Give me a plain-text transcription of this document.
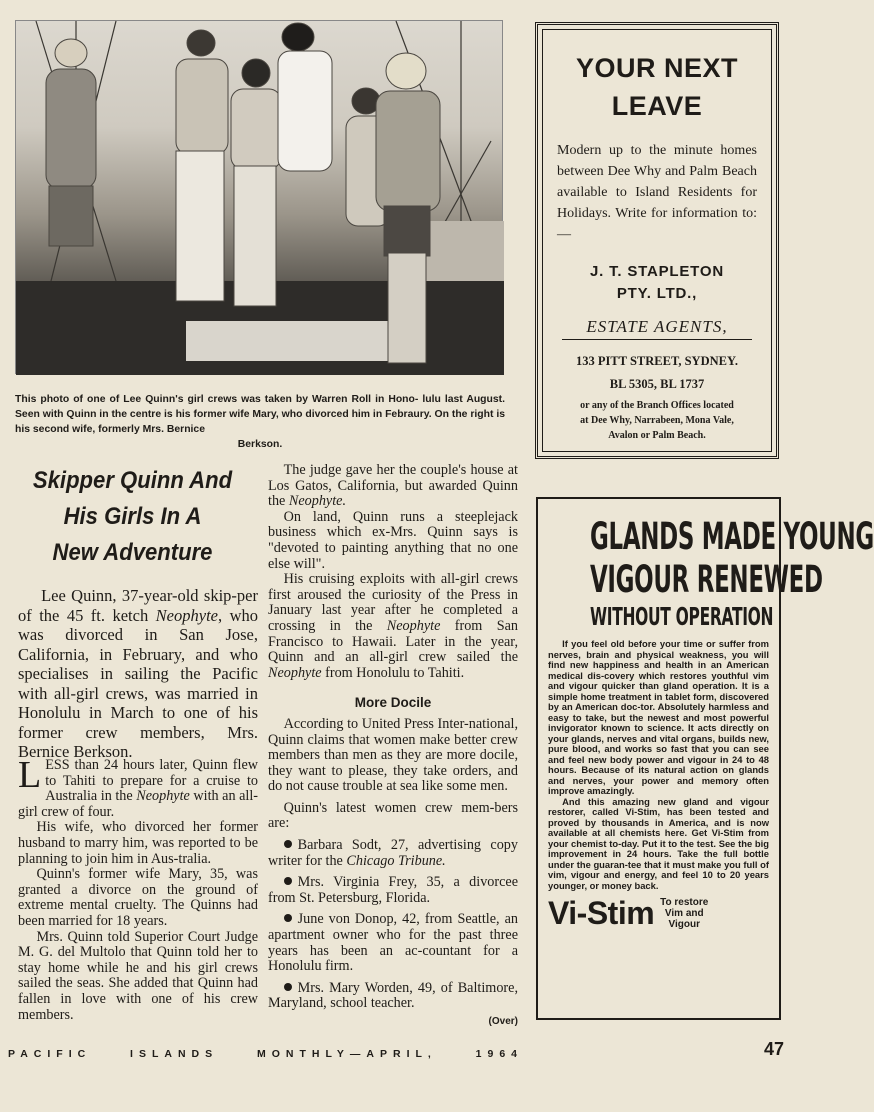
This photo of one of Lee Quinn's girl crews was taken by Warren Roll in Hono- lulu last August. Seen with Quinn in the centre is his former wife Mary, who divorced him in Febraury. On the right is his second wife, formerly Mrs. Bernice
Berkson.
Skipper Quinn And
His Girls In A
New Adventure

Lee Quinn, 37-year-old skip-per of the 45 ft. ketch Neophyte, who was divorced in San Jose, California, in February, and who specialises in sailing the Pacific with all-girl crews, was married in Honolulu in March to one of his former crew members, Mrs. Bernice Berkson.

LESS than 24 hours later, Quinn flew to Tahiti to prepare for a cruise to Australia in the Neophyte with an all-girl crew of four.

His wife, who divorced her former husband to marry him, was reported to be planning to join him in Aus-tralia.

Quinn's former wife Mary, 35, was granted a divorce on the ground of extreme mental cruelty. The Quinns had been married for 18 years.

Mrs. Quinn told Superior Court Judge M. G. del Multolo that Quinn told her to stay home while he and his girl crews sailed the seas. She added that Quinn had fallen in love with one of his crew members.

The judge gave her the couple's house at Los Gatos, California, but awarded Quinn the Neophyte.

On land, Quinn runs a steeplejack business which ex-Mrs. Quinn says is "devoted to painting anything that no one else will".

His cruising exploits with all-girl crews first aroused the curiosity of the Press in January last year after he completed a crossing in the Neophyte from San Francisco to Hawaii. Later in the year, Quinn and an all-girl crew sailed the Neophyte from Honolulu to Tahiti.

More Docile

According to United Press Inter-national, Quinn claims that women make better crew members than men as they are more docile, they want to please, they take orders, and do not cause trouble at sea like some men.

Quinn's latest women crew mem-bers are:

Barbara Sodt, 27, advertising copy writer for the Chicago Tribune.

Mrs. Virginia Frey, 35, a divorcee from St. Petersburg, Florida.

June von Donop, 42, from Seattle, an apartment owner who for the past three years has been an ac-countant for a Honolulu firm.

Mrs. Mary Worden, 49, of Baltimore, Maryland, school teacher.

(Over)
YOUR NEXT
LEAVE
Modern up to the minute homes between Dee Why and Palm Beach available to Island Residents for Holidays. Write for information to:—
J. T. STAPLETON
PTY. LTD.,
ESTATE AGENTS,
133 PITT STREET, SYDNEY.
BL 5305, BL 1737
or any of the Branch Offices located
at Dee Why, Narrabeen, Mona Vale,
Avalon or Palm Beach.
GLANDS MADE YOUNG
VIGOUR RENEWED
WITHOUT OPERATION

If you feel old before your time or suffer from nerves, brain and physical weakness, you will find new happiness and health in an American medical dis-covery which restores youthful vim and vigour quicker than gland operation. It is a simple home treatment in tablet form, discovered by an American doc-tor. Absolutely harmless and easy to take, but the newest and most powerful invigorator known to science. It acts directly on your glands, nerves and vital organs, builds new, pure blood, and works so fast that you can see and feel new body power and vigour in 24 to 48 hours. Because of its natural action on glands and nerves, your power and memory often improve amazingly.

And this amazing new gland and vigour restorer, called Vi-Stim, has been tested and proved by thousands in America, and is now available at all chemists here. Get Vi-Stim from your chemist to-day. Put it to the test. See the big improvement in 24 hours. Take the full bottle under the guaran-tee that it must make you full of vim, vigour and energy, and feel 10 to 20 years younger, or money back.

Vi-Stim To restore
Vim and
Vigour
PACIFIC	ISLANDS	MONTHLY—APRIL,	1964	47
